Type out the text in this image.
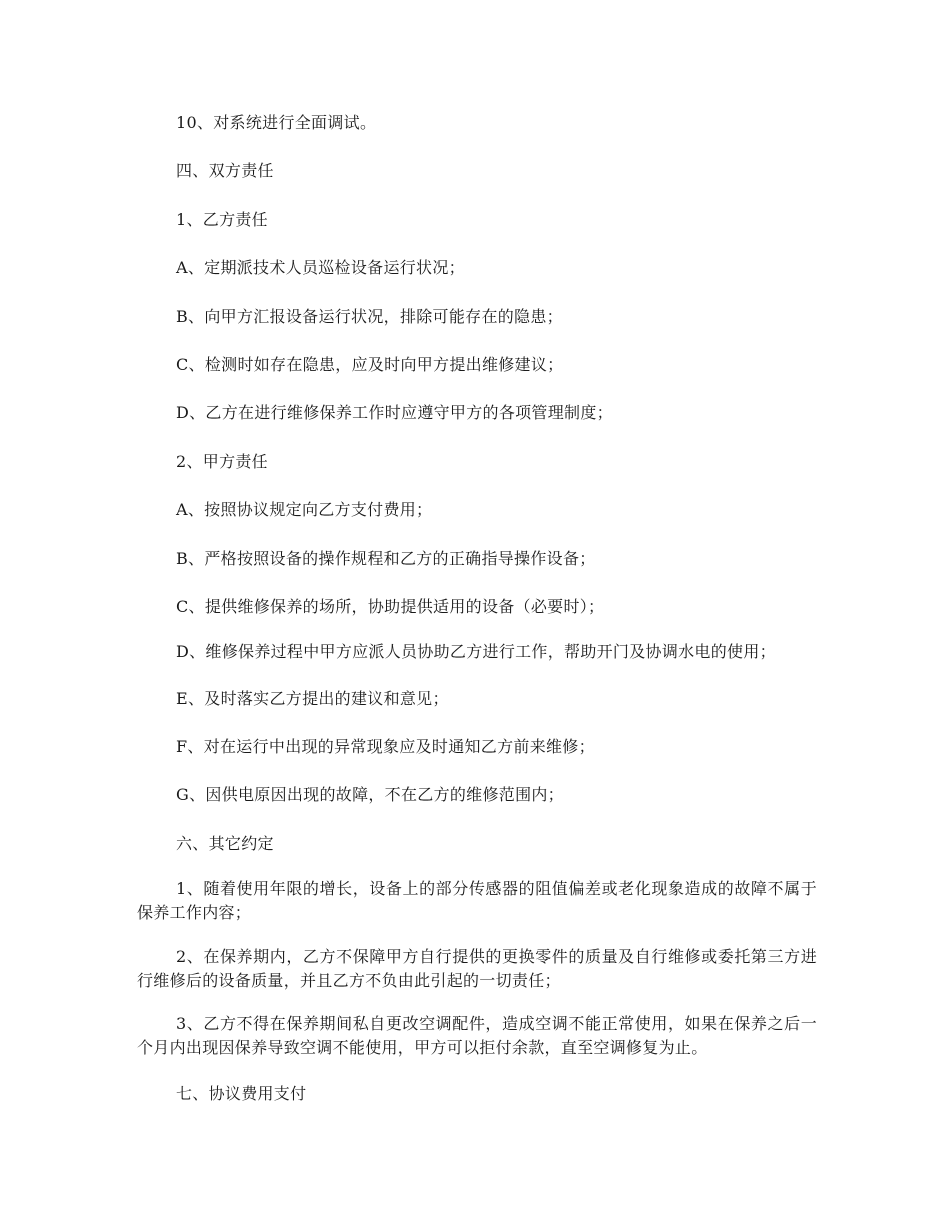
10、对系统进行全面调试。

四、双方责任

1、乙方责任

A、定期派技术人员巡检设备运行状况；

B、向甲方汇报设备运行状况，排除可能存在的隐患；

C、检测时如存在隐患，应及时向甲方提出维修建议；

D、乙方在进行维修保养工作时应遵守甲方的各项管理制度；

2、甲方责任

A、按照协议规定向乙方支付费用；

B、严格按照设备的操作规程和乙方的正确指导操作设备；

C、提供维修保养的场所，协助提供适用的设备（必要时）；

D、维修保养过程中甲方应派人员协助乙方进行工作，帮助开门及协调水电的使用；

E、及时落实乙方提出的建议和意见；

F、对在运行中出现的异常现象应及时通知乙方前来维修；

G、因供电原因出现的故障，不在乙方的维修范围内；

六、其它约定

1、随着使用年限的增长，设备上的部分传感器的阻值偏差或老化现象造成的故障不属于保养工作内容；

2、在保养期内，乙方不保障甲方自行提供的更换零件的质量及自行维修或委托第三方进行维修后的设备质量，并且乙方不负由此引起的一切责任；

3、乙方不得在保养期间私自更改空调配件，造成空调不能正常使用，如果在保养之后一个月内出现因保养导致空调不能使用，甲方可以拒付余款，直至空调修复为止。

七、协议费用支付
